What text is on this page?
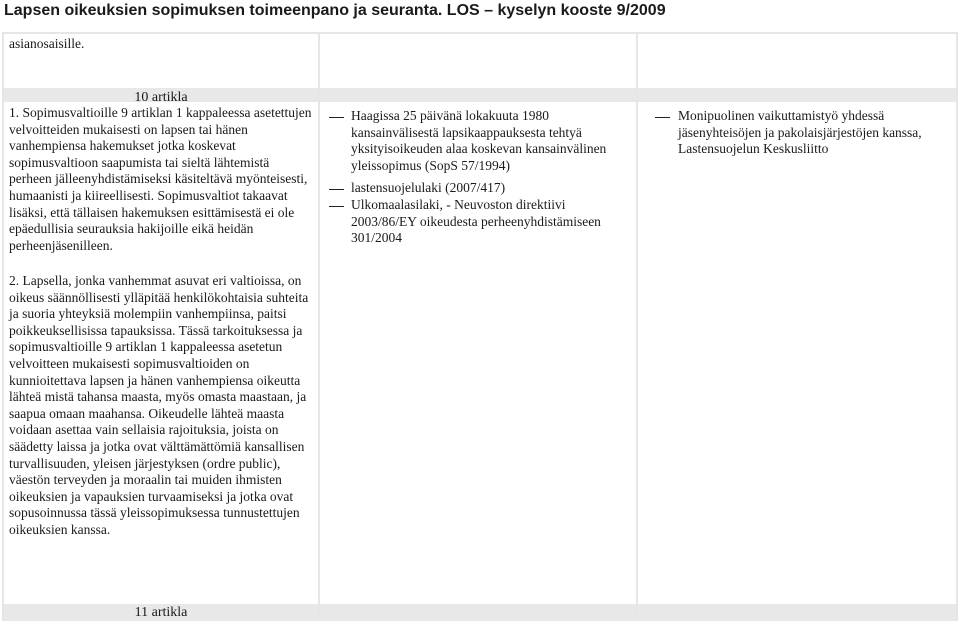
Lapsen oikeuksien sopimuksen toimeenpano ja seuranta. LOS – kyselyn kooste 9/2009
asianosaisille.
10 artikla
1. Sopimusvaltioille 9 artiklan 1 kappaleessa asetettujen velvoitteiden mukaisesti on lapsen tai hänen vanhempiensa hakemukset jotka koskevat sopimusvaltioon saapumista tai sieltä lähtemistä perheen jälleenyhdistämiseksi käsiteltävä myönteisesti, humaanisti ja kiireellisesti. Sopimusvaltiot takaavat lisäksi, että tällaisen hakemuksen esittämisestä ei ole epäedullisia seurauksia hakijoille eikä heidän perheenjäsenilleen.
2. Lapsella, jonka vanhemmat asuvat eri valtioissa, on oikeus säännöllisesti ylläpitää henkilökohtaisia suhteita ja suoria yhteyksiä molempiin vanhempiinsa, paitsi poikkeuksellisissa tapauksissa. Tässä tarkoituksessa ja sopimusvaltioille 9 artiklan 1 kappaleessa asetetun velvoitteen mukaisesti sopimusvaltioiden on kunnioitettava lapsen ja hänen vanhempiensa oikeutta lähteä mistä tahansa maasta, myös omasta maastaan, ja saapua omaan maahansa. Oikeudelle lähteä maasta voidaan asettaa vain sellaisia rajoituksia, joista on säädetty laissa ja jotka ovat välttämättömiä kansallisen turvallisuuden, yleisen järjestyksen (ordre public), väestön terveyden ja moraalin tai muiden ihmisten oikeuksien ja vapauksien turvaamiseksi ja jotka ovat sopusoinnussa tässä yleissopimuksessa tunnustettujen oikeuksien kanssa.
Haagissa 25 päivänä lokakuuta 1980 kansainvälisestä lapsikaappauksesta tehtyä yksityisoikeuden alaa koskevan kansainvälinen yleissopimus (SopS 57/1994)
lastensuojelulaki (2007/417)
Ulkomaalasilaki, - Neuvoston direktiivi 2003/86/EY oikeudesta perheenyhdistämiseen 301/2004
Monipuolinen vaikuttamistyö yhdessä jäsenyhteisöjen ja pakolaisjärjestöjen kanssa, Lastensuojelun Keskusliitto
11 artikla
